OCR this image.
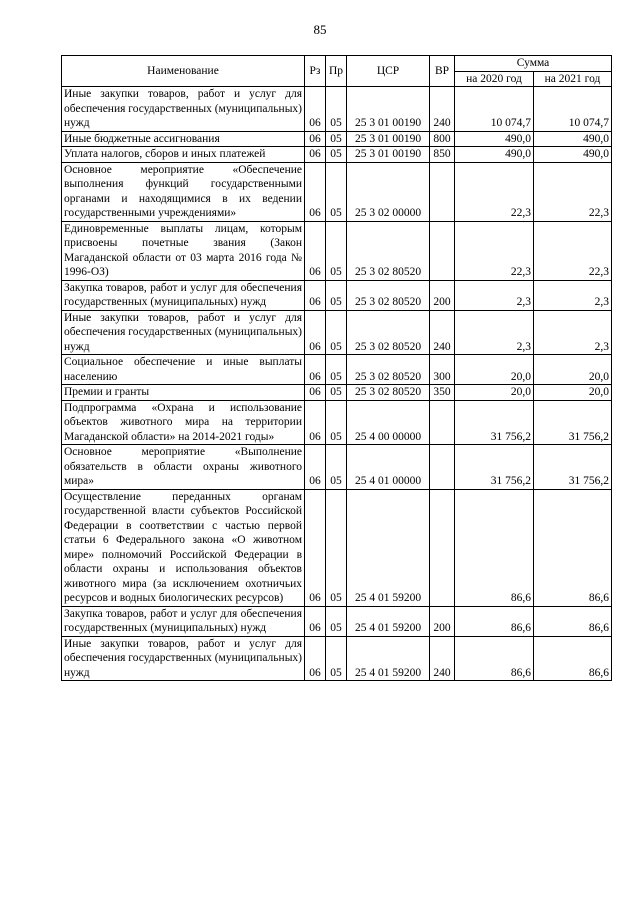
85
Наименование	Рз	Пр	ЦСР	ВР	Сумма	
					на 2020 год	на 2021 год
Иные закупки товаров, работ и услуг для обеспечения государственных (муниципальных) нужд	06	05	25 3 01 00190	240	10 074,7	10 074,7
Иные бюджетные ассигнования	06	05	25 3 01 00190	800	490,0	490,0
Уплата налогов, сборов и иных платежей	06	05	25 3 01 00190	850	490,0	490,0
Основное мероприятие «Обеспечение выполнения функций государственными органами и находящимися в их ведении государственными учреждениями»	06	05	25 3 02 00000		22,3	22,3
Единовременные выплаты лицам, которым присвоены почетные звания (Закон Магаданской области от 03 марта 2016 года № 1996-ОЗ)	06	05	25 3 02 80520		22,3	22,3
Закупка товаров, работ и услуг для обеспечения государственных (муниципальных) нужд	06	05	25 3 02 80520	200	2,3	2,3
Иные закупки товаров, работ и услуг для обеспечения государственных (муниципальных) нужд	06	05	25 3 02 80520	240	2,3	2,3
Социальное обеспечение и иные выплаты населению	06	05	25 3 02 80520	300	20,0	20,0
Премии и гранты	06	05	25 3 02 80520	350	20,0	20,0
Подпрограмма «Охрана и использование объектов животного мира на территории Магаданской области» на 2014-2021 годы»	06	05	25 4 00 00000		31 756,2	31 756,2
Основное мероприятие «Выполнение обязательств в области охраны животного мира»	06	05	25 4 01 00000		31 756,2	31 756,2
Осуществление переданных органам государственной власти субъектов Российской Федерации в соответствии с частью первой статьи 6 Федерального закона «О животном мире» полномочий Российской Федерации в области охраны и использования объектов животного мира (за исключением охотничьих ресурсов и водных биологических ресурсов)	06	05	25 4 01 59200		86,6	86,6
Закупка товаров, работ и услуг для обеспечения государственных (муниципальных) нужд	06	05	25 4 01 59200	200	86,6	86,6
Иные закупки товаров, работ и услуг для обеспечения государственных (муниципальных) нужд	06	05	25 4 01 59200	240	86,6	86,6
